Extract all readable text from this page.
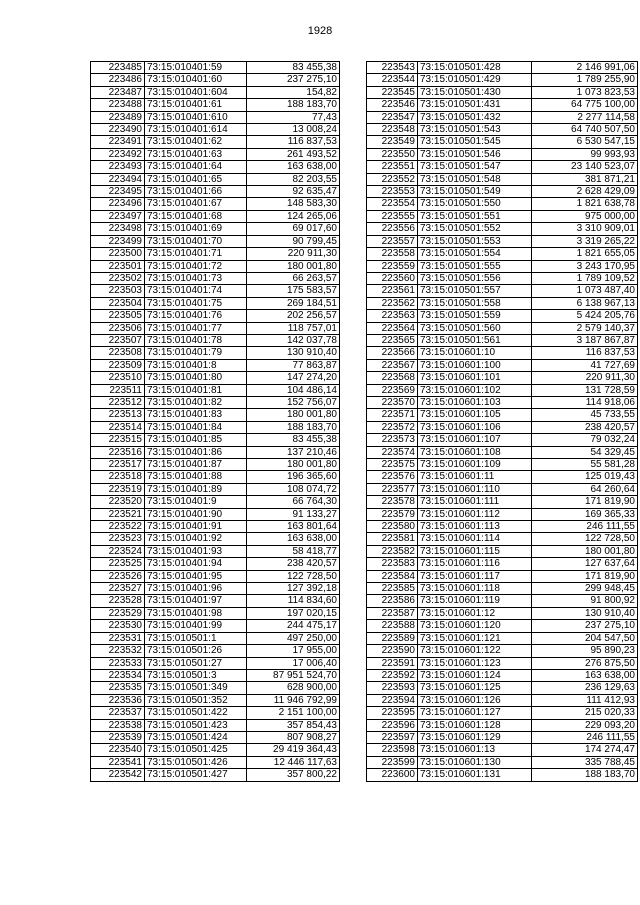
1928
223485	73:15:010401:59	83 455,38
223486	73:15:010401:60	237 275,10
223487	73:15:010401:604	154,82
223488	73:15:010401:61	188 183,70
223489	73:15:010401:610	77,43
223490	73:15:010401:614	13 008,24
223491	73:15:010401:62	116 837,53
223492	73:15:010401:63	261 493,52
223493	73:15:010401:64	163 638,00
223494	73:15:010401:65	82 203,55
223495	73:15:010401:66	92 635,47
223496	73:15:010401:67	148 583,30
223497	73:15:010401:68	124 265,06
223498	73:15:010401:69	69 017,60
223499	73:15:010401:70	90 799,45
223500	73:15:010401:71	220 911,30
223501	73:15:010401:72	180 001,80
223502	73:15:010401:73	66 263,57
223503	73:15:010401:74	175 583,57
223504	73:15:010401:75	269 184,51
223505	73:15:010401:76	202 256,57
223506	73:15:010401:77	118 757,01
223507	73:15:010401:78	142 037,78
223508	73:15:010401:79	130 910,40
223509	73:15:010401:8	77 863,87
223510	73:15:010401:80	147 274,20
223511	73:15:010401:81	104 486,14
223512	73:15:010401:82	152 756,07
223513	73:15:010401:83	180 001,80
223514	73:15:010401:84	188 183,70
223515	73:15:010401:85	83 455,38
223516	73:15:010401:86	137 210,46
223517	73:15:010401:87	180 001,80
223518	73:15:010401:88	196 365,60
223519	73:15:010401:89	108 074,72
223520	73:15:010401:9	66 764,30
223521	73:15:010401:90	91 133,27
223522	73:15:010401:91	163 801,64
223523	73:15:010401:92	163 638,00
223524	73:15:010401:93	58 418,77
223525	73:15:010401:94	238 420,57
223526	73:15:010401:95	122 728,50
223527	73:15:010401:96	127 392,18
223528	73:15:010401:97	114 834,60
223529	73:15:010401:98	197 020,15
223530	73:15:010401:99	244 475,17
223531	73:15:010501:1	497 250,00
223532	73:15:010501:26	17 955,00
223533	73:15:010501:27	17 006,40
223534	73:15:010501:3	87 951 524,70
223535	73:15:010501:349	628 900,00
223536	73:15:010501:352	11 946 792,99
223537	73:15:010501:422	2 151 100,00
223538	73:15:010501:423	357 854,43
223539	73:15:010501:424	807 908,27
223540	73:15:010501:425	29 419 364,43
223541	73:15:010501:426	12 446 117,63
223542	73:15:010501:427	357 800,22
223543	73:15:010501:428	2 146 991,06
223544	73:15:010501:429	1 789 255,90
223545	73:15:010501:430	1 073 823,53
223546	73:15:010501:431	64 775 100,00
223547	73:15:010501:432	2 277 114,58
223548	73:15:010501:543	64 740 507,50
223549	73:15:010501:545	6 530 547,15
223550	73:15:010501:546	99 993,93
223551	73:15:010501:547	23 140 523,07
223552	73:15:010501:548	381 871,21
223553	73:15:010501:549	2 628 429,09
223554	73:15:010501:550	1 821 638,78
223555	73:15:010501:551	975 000,00
223556	73:15:010501:552	3 310 909,01
223557	73:15:010501:553	3 319 265,22
223558	73:15:010501:554	1 821 655,05
223559	73:15:010501:555	3 243 170,95
223560	73:15:010501:556	1 789 109,52
223561	73:15:010501:557	1 073 487,40
223562	73:15:010501:558	6 138 967,13
223563	73:15:010501:559	5 424 205,76
223564	73:15:010501:560	2 579 140,37
223565	73:15:010501:561	3 187 867,87
223566	73:15:010601:10	116 837,53
223567	73:15:010601:100	41 727,69
223568	73:15:010601:101	220 911,30
223569	73:15:010601:102	131 728,59
223570	73:15:010601:103	114 918,06
223571	73:15:010601:105	45 733,55
223572	73:15:010601:106	238 420,57
223573	73:15:010601:107	79 032,24
223574	73:15:010601:108	54 329,45
223575	73:15:010601:109	55 581,28
223576	73:15:010601:11	125 019,43
223577	73:15:010601:110	64 260,64
223578	73:15:010601:111	171 819,90
223579	73:15:010601:112	169 365,33
223580	73:15:010601:113	246 111,55
223581	73:15:010601:114	122 728,50
223582	73:15:010601:115	180 001,80
223583	73:15:010601:116	127 637,64
223584	73:15:010601:117	171 819,90
223585	73:15:010601:118	299 948,45
223586	73:15:010601:119	91 800,92
223587	73:15:010601:12	130 910,40
223588	73:15:010601:120	237 275,10
223589	73:15:010601:121	204 547,50
223590	73:15:010601:122	95 890,23
223591	73:15:010601:123	276 875,50
223592	73:15:010601:124	163 638,00
223593	73:15:010601:125	236 129,63
223594	73:15:010601:126	111 412,93
223595	73:15:010601:127	215 020,33
223596	73:15:010601:128	229 093,20
223597	73:15:010601:129	246 111,55
223598	73:15:010601:13	174 274,47
223599	73:15:010601:130	335 788,45
223600	73:15:010601:131	188 183,70
